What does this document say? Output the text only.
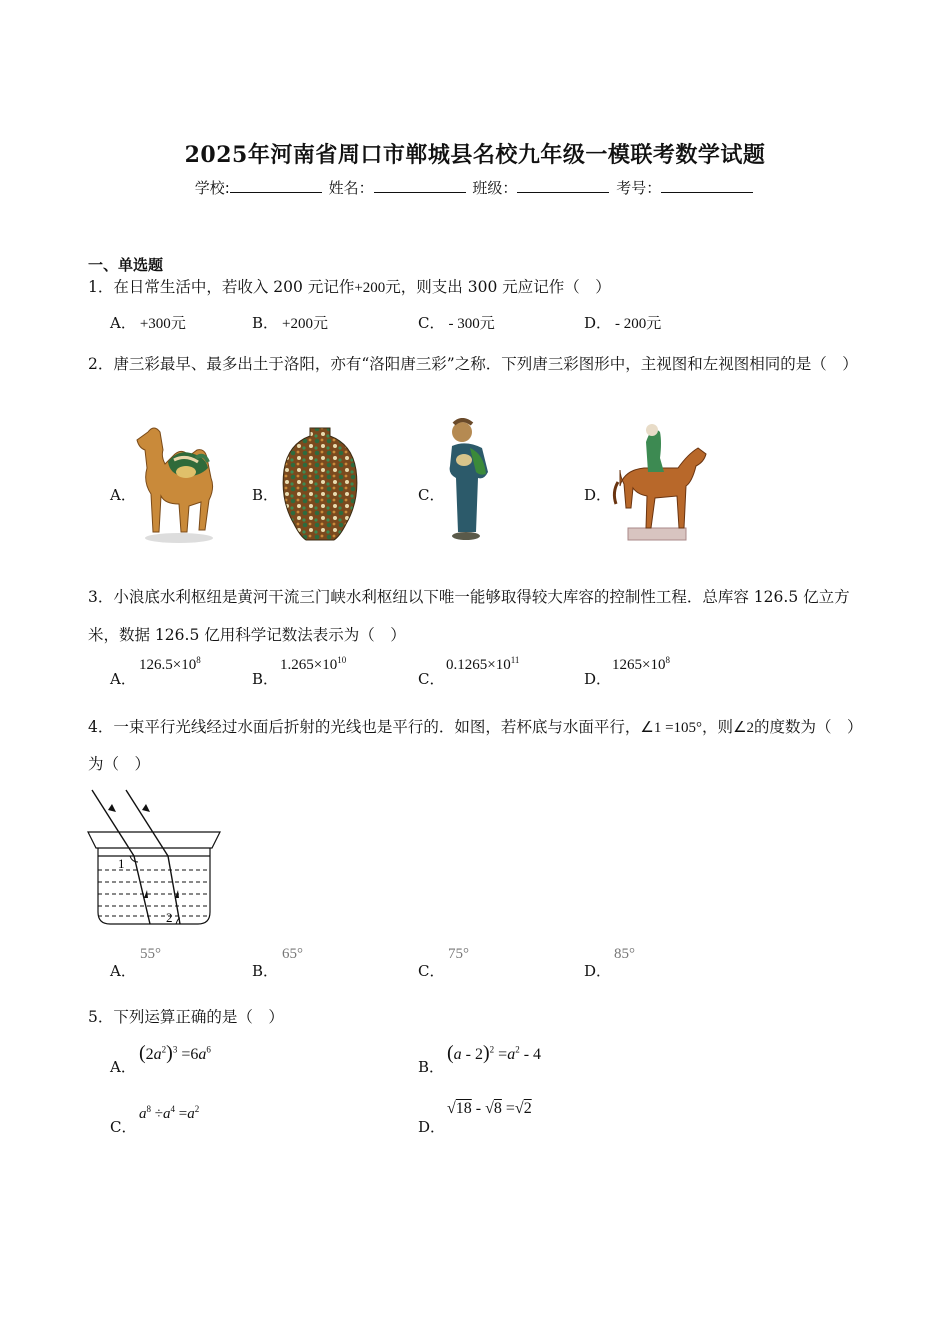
2025年河南省周口市郸城县名校九年级一模联考数学试题
学校:	姓名：	班级：	考号：
一、单选题
1．在日常生活中，若收入 200 元记作+200元，则支出 300 元应记作（　）
A． +300元	B． +200元	C． - 300元	D． - 200元
2．唐三彩最早、最多出土于洛阳，亦有“洛阳唐三彩”之称．下列唐三彩图形中，主视图和左视图相同的是（　）
A．	B．	C．	D．
3．小浪底水利枢纽是黄河干流三门峡水利枢纽以下唯一能够取得较大库容的控制性工程．总库容 126.5 亿立方米，数据 126.5 亿用科学记数法表示为（　）
A．
$126.5\times 10^8$
B．
$1.265\times 10^{10}$
C．
$0.1265\times 10^{11}$
D．
$1265\times 10^8$
4．一束平行光线经过水面后折射的光线也是平行的．如图，若杯底与水面平行，∠1 =105°，则∠2的度数为（　）
为（　）
1
2
A．
55°
B．
65°
C．
75°
D．
85°
5．下列运算正确的是（　）
A．
$(2a^2)^3 =6a^6$
B．
$(a - 2)^2 =a^2 - 4$
C．
$a^8 \div a^4 =a^2$
D．
√18 - √8 =√2
